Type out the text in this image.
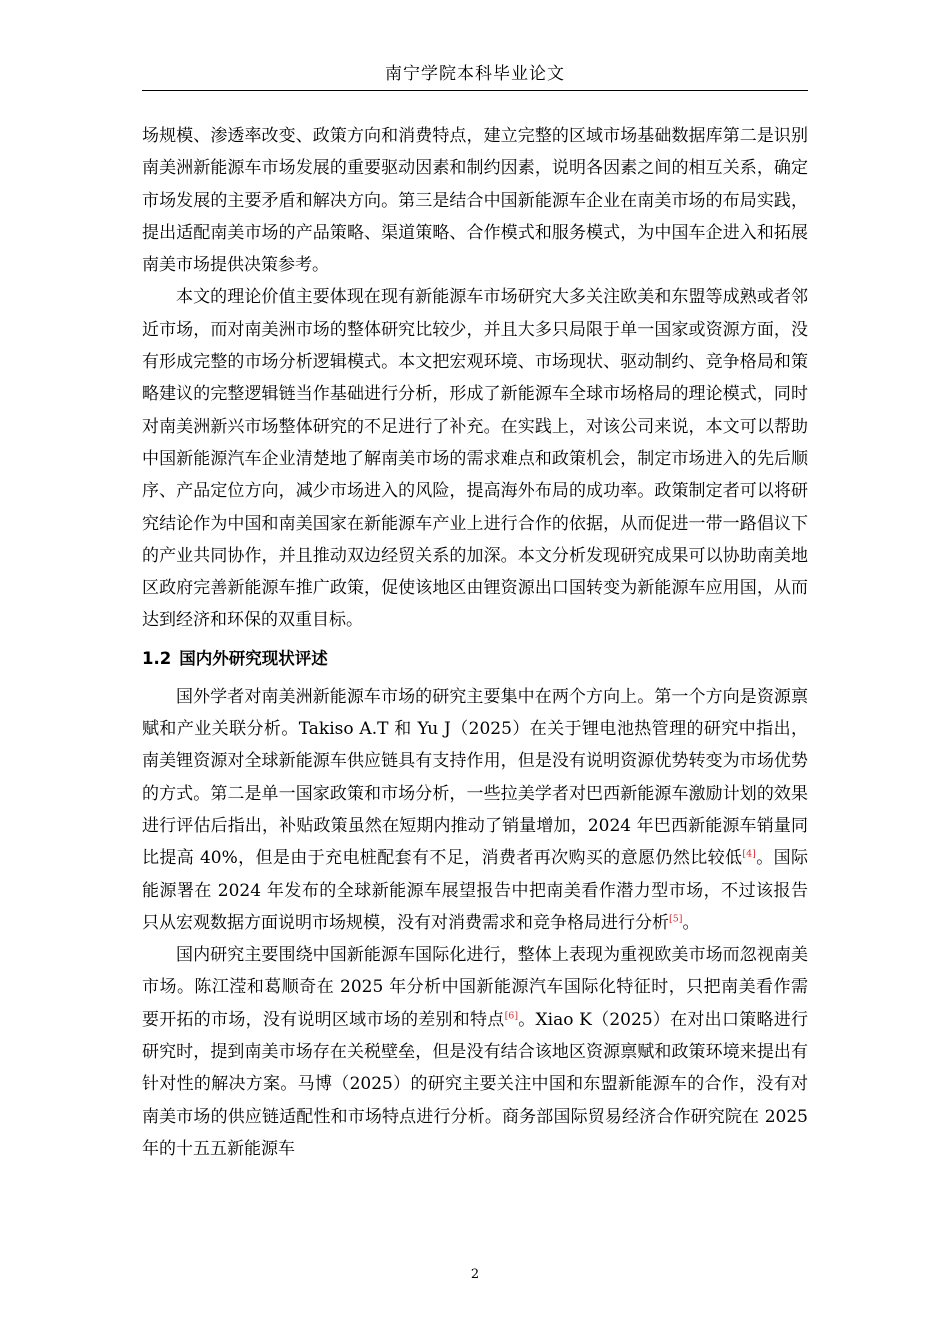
南宁学院本科毕业论文

场规模、渗透率改变、政策方向和消费特点，建立完整的区域市场基础数据库第二是识别南美洲新能源车市场发展的重要驱动因素和制约因素，说明各因素之间的相互关系，确定市场发展的主要矛盾和解决方向。第三是结合中国新能源车企业在南美市场的布局实践，提出适配南美市场的产品策略、渠道策略、合作模式和服务模式，为中国车企进入和拓展南美市场提供决策参考。

本文的理论价值主要体现在现有新能源车市场研究大多关注欧美和东盟等成熟或者邻近市场，而对南美洲市场的整体研究比较少，并且大多只局限于单一国家或资源方面，没有形成完整的市场分析逻辑模式。本文把宏观环境、市场现状、驱动制约、竞争格局和策略建议的完整逻辑链当作基础进行分析，形成了新能源车全球市场格局的理论模式，同时对南美洲新兴市场整体研究的不足进行了补充。在实践上，对该公司来说，本文可以帮助中国新能源汽车企业清楚地了解南美市场的需求难点和政策机会，制定市场进入的先后顺序、产品定位方向，减少市场进入的风险，提高海外布局的成功率。政策制定者可以将研究结论作为中国和南美国家在新能源车产业上进行合作的依据，从而促进一带一路倡议下的产业共同协作，并且推动双边经贸关系的加深。本文分析发现研究成果可以协助南美地区政府完善新能源车推广政策，促使该地区由锂资源出口国转变为新能源车应用国，从而达到经济和环保的双重目标。

1.2 国内外研究现状评述

国外学者对南美洲新能源车市场的研究主要集中在两个方向上。第一个方向是资源禀赋和产业关联分析。Takiso A.T 和 Yu J（2025）在关于锂电池热管理的研究中指出，南美锂资源对全球新能源车供应链具有支持作用，但是没有说明资源优势转变为市场优势的方式。第二是单一国家政策和市场分析，一些拉美学者对巴西新能源车激励计划的效果进行评估后指出，补贴政策虽然在短期内推动了销量增加，2024 年巴西新能源车销量同比提高 40%，但是由于充电桩配套有不足，消费者再次购买的意愿仍然比较低[4]。国际能源署在 2024 年发布的全球新能源车展望报告中把南美看作潜力型市场，不过该报告只从宏观数据方面说明市场规模，没有对消费需求和竞争格局进行分析[5]。

国内研究主要围绕中国新能源车国际化进行，整体上表现为重视欧美市场而忽视南美市场。陈江滢和葛顺奇在 2025 年分析中国新能源汽车国际化特征时，只把南美看作需要开拓的市场，没有说明区域市场的差别和特点[6]。Xiao K（2025）在对出口策略进行研究时，提到南美市场存在关税壁垒，但是没有结合该地区资源禀赋和政策环境来提出有针对性的解决方案。马博（2025）的研究主要关注中国和东盟新能源车的合作，没有对南美市场的供应链适配性和市场特点进行分析。商务部国际贸易经济合作研究院在 2025 年的十五五新能源车

2
